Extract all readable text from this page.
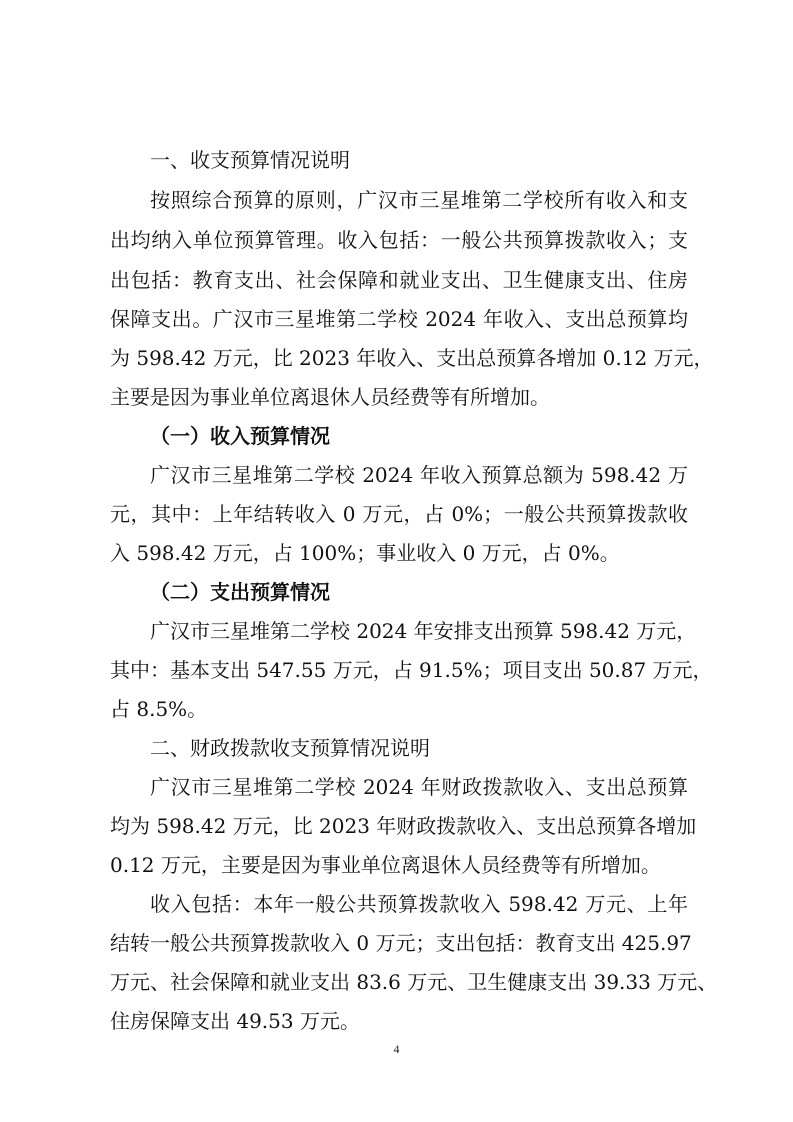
一、收支预算情况说明
按照综合预算的原则，广汉市三星堆第二学校所有收入和支
出均纳入单位预算管理。收入包括：一般公共预算拨款收入；支
出包括：教育支出、社会保障和就业支出、卫生健康支出、住房
保障支出。广汉市三星堆第二学校 2024 年收入、支出总预算均
为 598.42 万元，比 2023 年收入、支出总预算各增加 0.12 万元，
主要是因为事业单位离退休人员经费等有所增加。
（一）收入预算情况
广汉市三星堆第二学校 2024 年收入预算总额为 598.42 万
元，其中：上年结转收入 0 万元，占 0%；一般公共预算拨款收
入 598.42 万元，占 100%；事业收入 0 万元，占 0%。
（二）支出预算情况
广汉市三星堆第二学校 2024 年安排支出预算 598.42 万元，
其中：基本支出 547.55 万元，占 91.5%；项目支出 50.87 万元，
占 8.5%。
二、财政拨款收支预算情况说明
广汉市三星堆第二学校 2024 年财政拨款收入、支出总预算
均为 598.42 万元，比 2023 年财政拨款收入、支出总预算各增加
0.12 万元，主要是因为事业单位离退休人员经费等有所增加。
收入包括：本年一般公共预算拨款收入 598.42 万元、上年
结转一般公共预算拨款收入 0 万元；支出包括：教育支出 425.97
万元、社会保障和就业支出 83.6 万元、卫生健康支出 39.33 万元、
住房保障支出 49.53 万元。
4
